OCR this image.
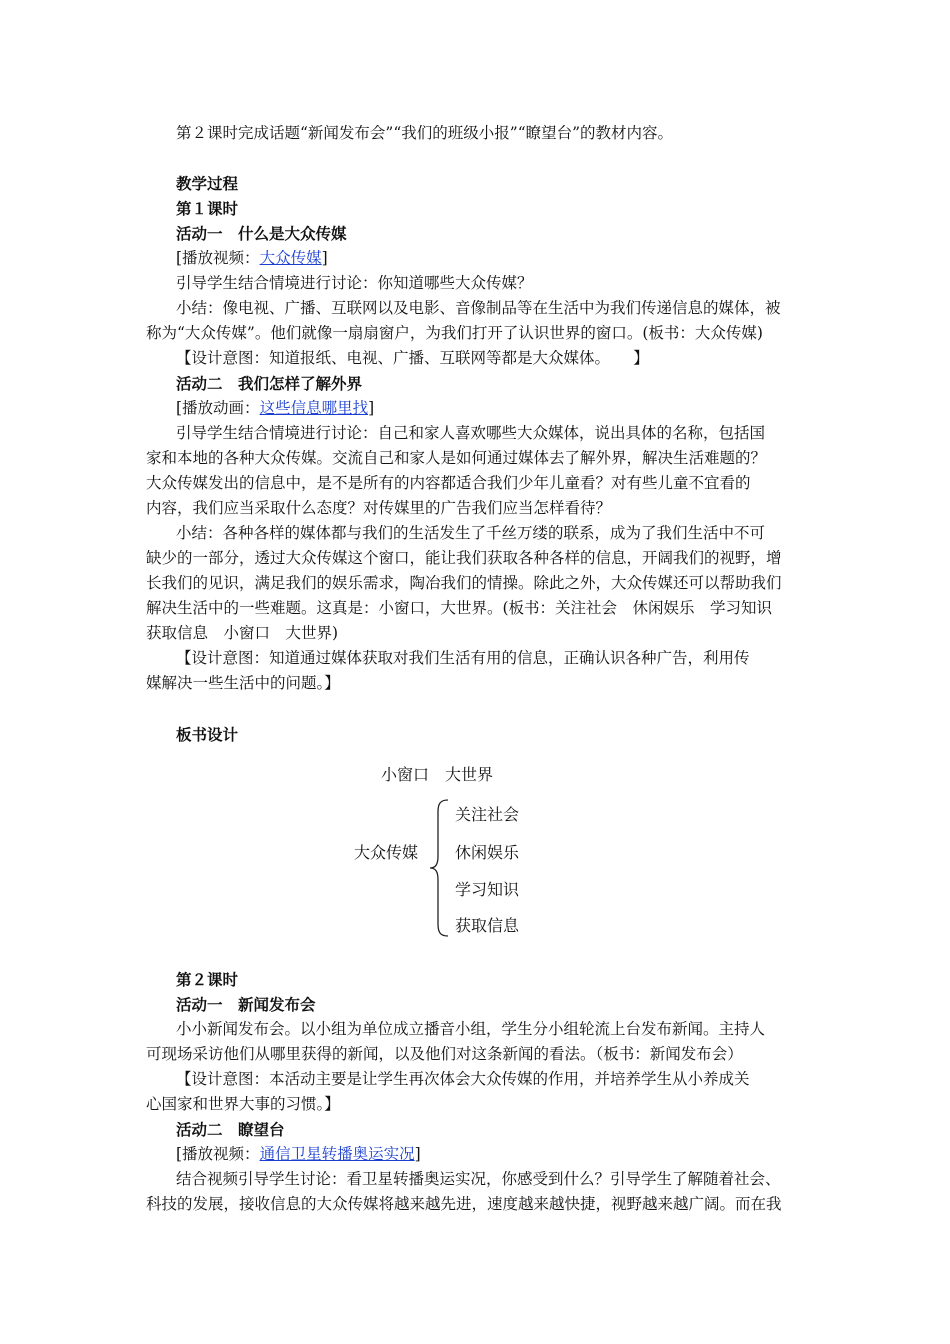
第２课时完成话题“新闻发布会”“我们的班级小报”“瞭望台”的教材内容。
教学过程
第１课时
活动一　什么是大众传媒
[播放视频：大众传媒]
引导学生结合情境进行讨论：你知道哪些大众传媒？
小结：像电视、广播、互联网以及电影、音像制品等在生活中为我们传递信息的媒体，被
称为“大众传媒”。他们就像一扇扇窗户，为我们打开了认识世界的窗口。(板书：大众传媒)
【设计意图：知道报纸、电视、广播、互联网等都是大众媒体。　　】
活动二　我们怎样了解外界
[播放动画：这些信息哪里找]
引导学生结合情境进行讨论：自己和家人喜欢哪些大众媒体，说出具体的名称，包括国
家和本地的各种大众传媒。交流自己和家人是如何通过媒体去了解外界，解决生活难题的？
大众传媒发出的信息中，是不是所有的内容都适合我们少年儿童看？对有些儿童不宜看的
内容，我们应当采取什么态度？对传媒里的广告我们应当怎样看待？
小结：各种各样的媒体都与我们的生活发生了千丝万缕的联系，成为了我们生活中不可
缺少的一部分，透过大众传媒这个窗口，能让我们获取各种各样的信息，开阔我们的视野，增
长我们的见识，满足我们的娱乐需求，陶冶我们的情操。除此之外，大众传媒还可以帮助我们
解决生活中的一些难题。这真是：小窗口，大世界。(板书：关注社会　休闲娱乐　学习知识
获取信息　小窗口　大世界)
【设计意图：知道通过媒体获取对我们生活有用的信息，正确认识各种广告，利用传
媒解决一些生活中的问题。】
板书设计
小窗口　大世界
大众传媒
关注社会
休闲娱乐
学习知识
获取信息
第２课时
活动一　新闻发布会
小小新闻发布会。以小组为单位成立播音小组，学生分小组轮流上台发布新闻。主持人
可现场采访他们从哪里获得的新闻，以及他们对这条新闻的看法。（板书：新闻发布会）
【设计意图：本活动主要是让学生再次体会大众传媒的作用，并培养学生从小养成关
心国家和世界大事的习惯。】
活动二　瞭望台
[播放视频：通信卫星转播奥运实况]
结合视频引导学生讨论：看卫星转播奥运实况，你感受到什么？引导学生了解随着社会、
科技的发展，接收信息的大众传媒将越来越先进，速度越来越快捷，视野越来越广阔。而在我
